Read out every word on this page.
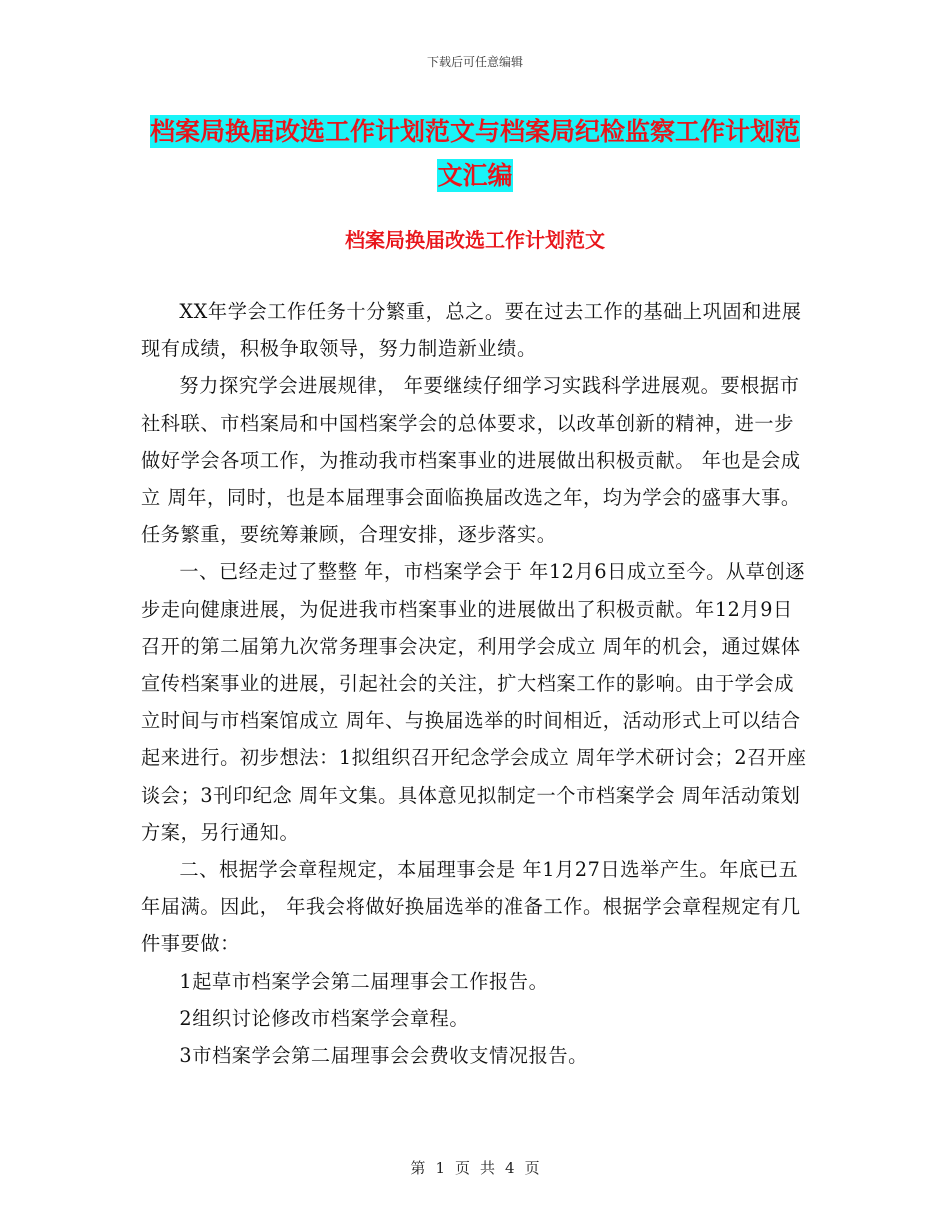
下载后可任意编辑
档案局换届改选工作计划范文与档案局纪检监察工作计划范文汇编
档案局换届改选工作计划范文

XX年学会工作任务十分繁重，总之。要在过去工作的基础上巩固和进展现有成绩，积极争取领导，努力制造新业绩。

努力探究学会进展规律， 年要继续仔细学习实践科学进展观。要根据市社科联、市档案局和中国档案学会的总体要求，以改革创新的精神，进一步做好学会各项工作，为推动我市档案事业的进展做出积极贡献。 年也是会成立 周年，同时，也是本届理事会面临换届改选之年，均为学会的盛事大事。任务繁重，要统筹兼顾，合理安排，逐步落实。

一、已经走过了整整 年，市档案学会于 年12月6日成立至今。从草创逐步走向健康进展，为促进我市档案事业的进展做出了积极贡献。年12月9日召开的第二届第九次常务理事会决定，利用学会成立 周年的机会，通过媒体宣传档案事业的进展，引起社会的关注，扩大档案工作的影响。由于学会成立时间与市档案馆成立 周年、与换届选举的时间相近，活动形式上可以结合起来进行。初步想法：1拟组织召开纪念学会成立 周年学术研讨会；2召开座谈会；3刊印纪念 周年文集。具体意见拟制定一个市档案学会 周年活动策划方案，另行通知。

二、根据学会章程规定，本届理事会是 年1月27日选举产生。年底已五年届满。因此， 年我会将做好换届选举的准备工作。根据学会章程规定有几件事要做：

1起草市档案学会第二届理事会工作报告。

2组织讨论修改市档案学会章程。

3市档案学会第二届理事会会费收支情况报告。

第 1 页 共 4 页
